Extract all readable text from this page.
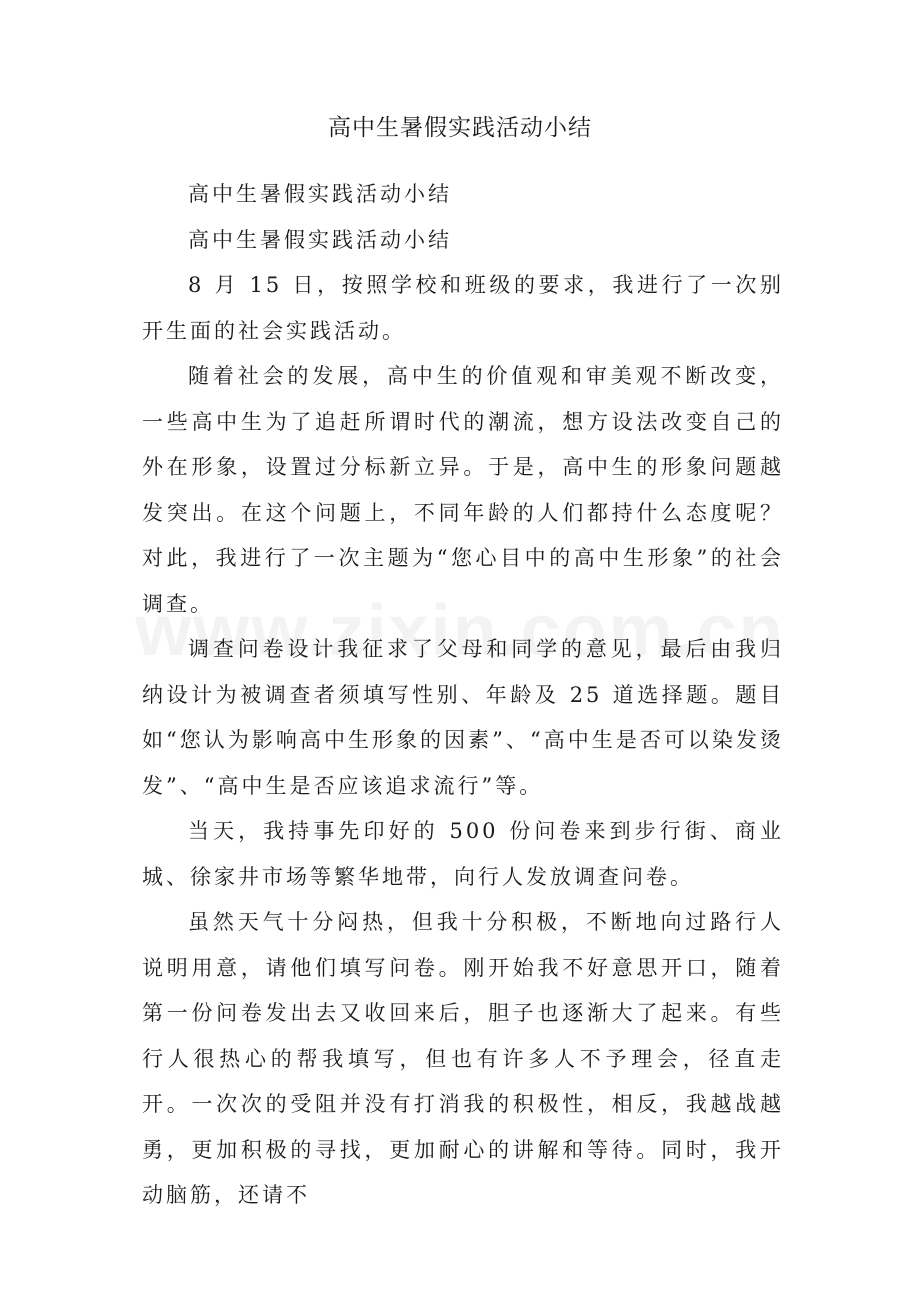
高中生暑假实践活动小结

高中生暑假实践活动小结

高中生暑假实践活动小结

8 月 15 日，按照学校和班级的要求，我进行了一次别开生面的社会实践活动。

随着社会的发展，高中生的价值观和审美观不断改变，一些高中生为了追赶所谓时代的潮流，想方设法改变自己的外在形象，设置过分标新立异。于是，高中生的形象问题越发突出。在这个问题上，不同年龄的人们都持什么态度呢？对此，我进行了一次主题为“您心目中的高中生形象”的社会调查。

调查问卷设计我征求了父母和同学的意见，最后由我归纳设计为被调查者须填写性别、年龄及 25 道选择题。题目如“您认为影响高中生形象的因素”、“高中生是否可以染发烫发”、“高中生是否应该追求流行”等。

当天，我持事先印好的 500 份问卷来到步行街、商业城、徐家井市场等繁华地带，向行人发放调查问卷。

虽然天气十分闷热，但我十分积极，不断地向过路行人说明用意，请他们填写问卷。刚开始我不好意思开口，随着第一份问卷发出去又收回来后，胆子也逐渐大了起来。有些行人很热心的帮我填写，但也有许多人不予理会，径直走开。一次次的受阻并没有打消我的积极性，相反，我越战越勇，更加积极的寻找，更加耐心的讲解和等待。同时，我开动脑筋，还请不
